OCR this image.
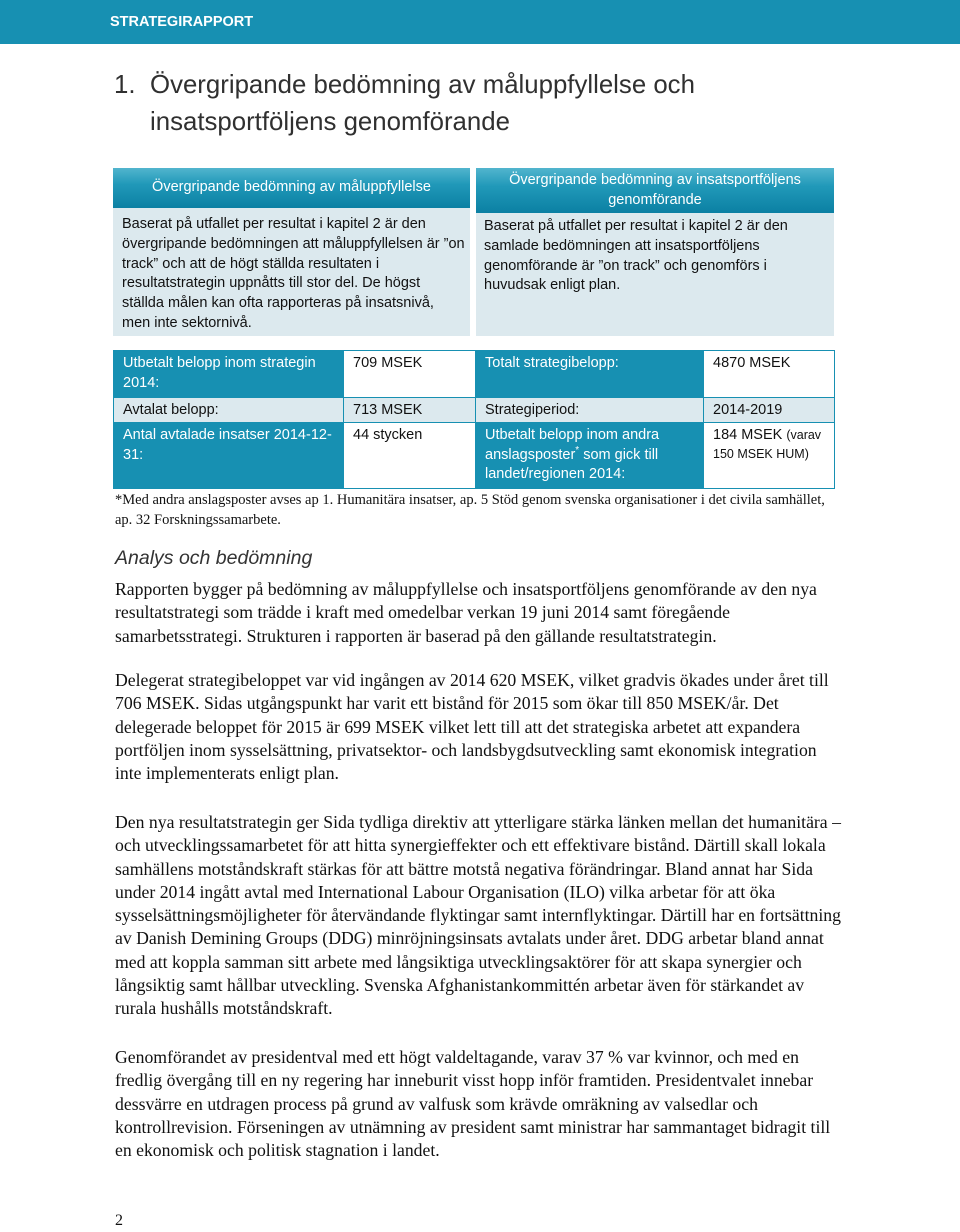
STRATEGIRAPPORT
1. Övergripande bedömning av måluppfyllelse och
insatsportföljens genomförande
Övergripande bedömning av måluppfyllelse
Baserat på utfallet per resultat i kapitel 2 är den
övergripande bedömningen att måluppfyllelsen är ”on
track” och att de högt ställda resultaten i
resultatstrategin uppnåtts till stor del. De högst
ställda målen kan ofta rapporteras på insatsnivå,
men inte sektornivå.
Övergripande bedömning av insatsportföljens
genomförande
Baserat på utfallet per resultat i kapitel 2 är den
samlade bedömningen att insatsportföljens
genomförande är ”on track” och genomförs i
huvudsak enligt plan.
Utbetalt belopp inom strategin
2014:	709 MSEK	Totalt strategibelopp:	4870 MSEK

Avtalat belopp:	713 MSEK	Strategiperiod:	2014-2019

Antal avtalade insatser 2014-12-
31:	44 stycken	Utbetalt belopp inom andra
anslagsposter* som gick till
landet/regionen 2014:	184 MSEK (varav
150 MSEK HUM)
*Med andra anslagsposter avses ap 1. Humanitära insatser, ap. 5 Stöd genom svenska organisationer i det civila samhället,
ap. 32 Forskningssamarbete.
Analys och bedömning
Rapporten bygger på bedömning av måluppfyllelse och insatsportföljens genomförande av den nya
resultatstrategi som trädde i kraft med omedelbar verkan 19 juni 2014 samt föregående
samarbetsstrategi. Strukturen i rapporten är baserad på den gällande resultatstrategin.
Delegerat strategibeloppet var vid ingången av 2014 620 MSEK, vilket gradvis ökades under året till
706 MSEK. Sidas utgångspunkt har varit ett bistånd för 2015 som ökar till 850 MSEK/år. Det
delegerade beloppet för 2015 är 699 MSEK vilket lett till att det strategiska arbetet att expandera
portföljen inom sysselsättning, privatsektor- och landsbygdsutveckling samt ekonomisk integration
inte implementerats enligt plan.
Den nya resultatstrategin ger Sida tydliga direktiv att ytterligare stärka länken mellan det humanitära –
och utvecklingssamarbetet för att hitta synergieffekter och ett effektivare bistånd. Därtill skall lokala
samhällens motståndskraft stärkas för att bättre motstå negativa förändringar. Bland annat har Sida
under 2014 ingått avtal med International Labour Organisation (ILO) vilka arbetar för att öka
sysselsättningsmöjligheter för återvändande flyktingar samt internflyktingar. Därtill har en fortsättning
av Danish Demining Groups (DDG) minröjningsinsats avtalats under året. DDG arbetar bland annat
med att koppla samman sitt arbete med långsiktiga utvecklingsaktörer för att skapa synergier och
långsiktig samt hållbar utveckling. Svenska Afghanistankommittén arbetar även för stärkandet av
rurala hushålls motståndskraft.
Genomförandet av presidentval med ett högt valdeltagande, varav 37 % var kvinnor, och med en
fredlig övergång till en ny regering har inneburit visst hopp inför framtiden. Presidentvalet innebar
dessvärre en utdragen process på grund av valfusk som krävde omräkning av valsedlar och
kontrollrevision. Förseningen av utnämning av president samt ministrar har sammantaget bidragit till
en ekonomisk och politisk stagnation i landet.
2
